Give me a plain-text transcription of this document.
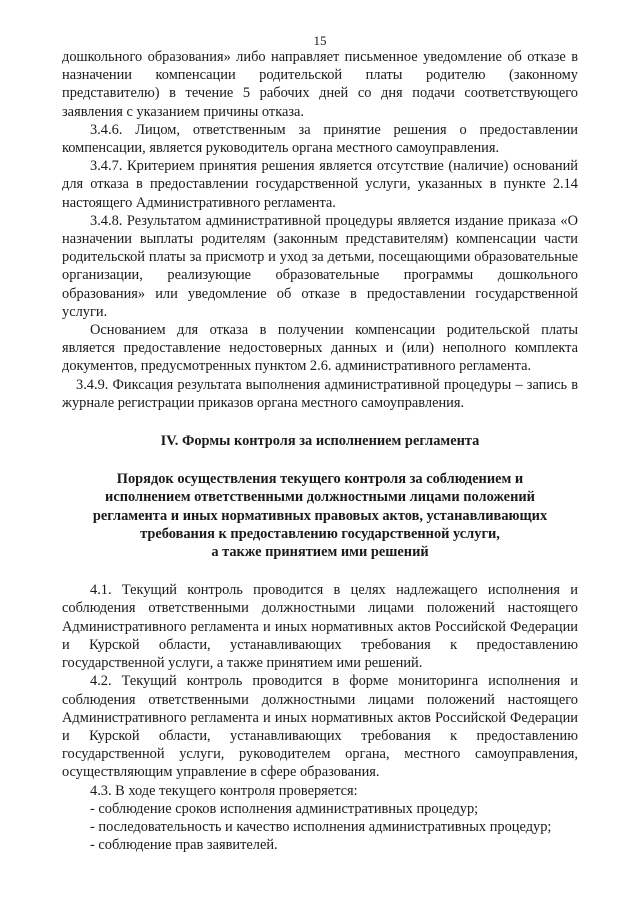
15

дошкольного образования» либо направляет письменное уведомление об отказе в назначении компенсации родительской платы родителю (законному представителю) в течение 5 рабочих дней со дня подачи соответствующего заявления с указанием причины отказа.

3.4.6. Лицом, ответственным за принятие решения о предоставлении компенсации, является руководитель органа местного самоуправления.

3.4.7. Критерием принятия решения является отсутствие (наличие) оснований для отказа в предоставлении государственной услуги, указанных в пункте 2.14 настоящего Административного регламента.

3.4.8. Результатом административной процедуры является издание приказа «О назначении выплаты родителям (законным представителям) компенсации части родительской платы за присмотр и уход за детьми, посещающими образовательные организации, реализующие образовательные программы дошкольного образования» или уведомление об отказе в предоставлении государственной услуги.

Основанием для отказа в получении компенсации родительской платы является предоставление недостоверных данных и (или) неполного комплекта документов, предусмотренных пунктом 2.6. административного регламента.

3.4.9. Фиксация результата выполнения административной процедуры – запись в журнале регистрации приказов органа местного самоуправления.

IV. Формы контроля за исполнением регламента

Порядок осуществления текущего контроля за соблюдением и
исполнением ответственными должностными лицами положений
регламента и иных нормативных правовых актов, устанавливающих
требования к предоставлению государственной услуги,
а также принятием ими решений

4.1. Текущий контроль проводится в целях надлежащего исполнения и соблюдения ответственными должностными лицами положений настоящего Административного регламента и иных нормативных актов Российской Федерации и Курской области, устанавливающих требования к предоставлению государственной услуги, а также принятием ими решений.

4.2. Текущий контроль проводится в форме мониторинга исполнения и соблюдения ответственными должностными лицами положений настоящего Административного регламента и иных нормативных актов Российской Федерации и Курской области, устанавливающих требования к предоставлению государственной услуги, руководителем органа, местного самоуправления, осуществляющим управление в сфере образования.

4.3. В ходе текущего контроля проверяется:

- соблюдение сроков исполнения административных процедур;

- последовательность и качество исполнения административных процедур;

- соблюдение прав заявителей.
